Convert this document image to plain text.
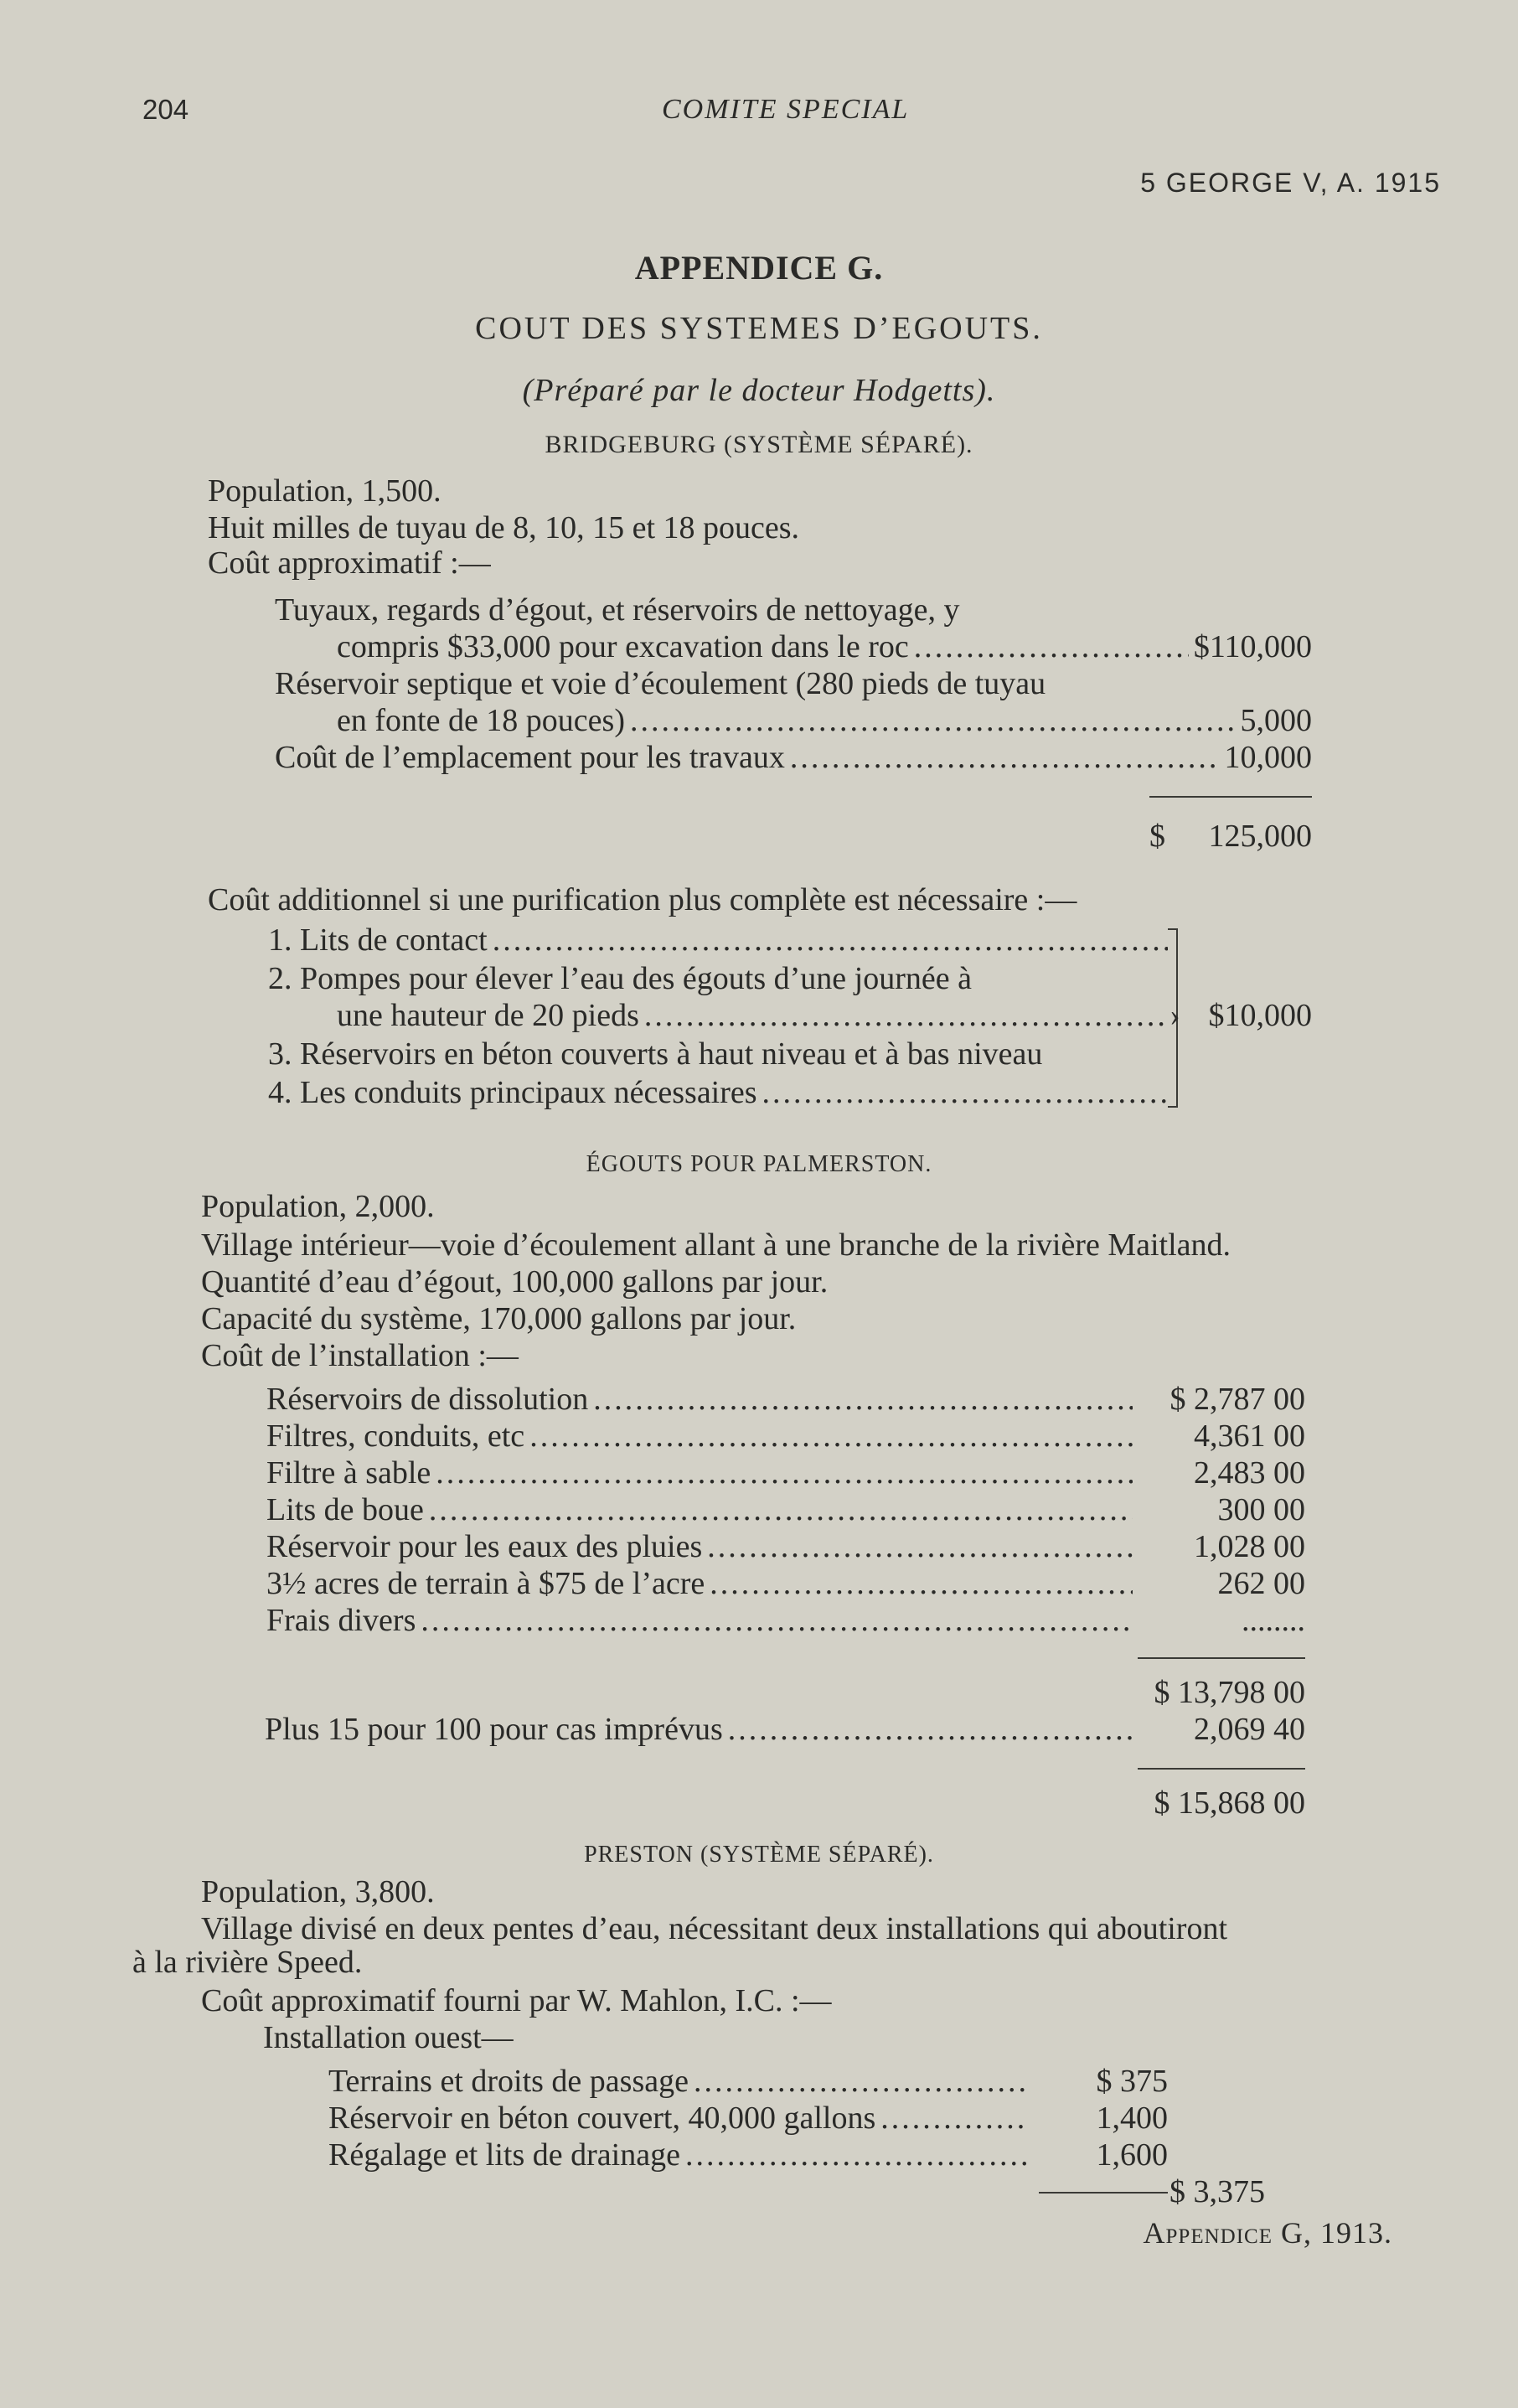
204	COMITE SPECIAL
5 GEORGE V, A. 1915
APPENDICE G.
COUT DES SYSTEMES D’EGOUTS.
(Préparé par le docteur Hodgetts).
BRIDGEBURG (SYSTÈME SÉPARÉ).
Population, 1,500.
Huit milles de tuyau de 8, 10, 15 et 18 pouces.
Coût approximatif :—
Tuyaux, regards d’égout, et réservoirs de nettoyage, y
compris $33,000 pour excavation dans le roc .....	$110,000
Réservoir septique et voie d’écoulement (280 pieds de tuyau
en fonte de 18 pouces) .....	5,000
Coût de l’emplacement pour les travaux .....	10,000
$ 125,000
Coût additionnel si une purification plus complète est nécessaire :—
1. Lits de contact
.....
2. Pompes pour élever l’eau des égouts d’une journée à
une hauteur de 20 pieds
.....
3. Réservoirs en béton couverts à haut niveau et à bas niveau
4. Les conduits principaux nécessaires
.....
› $10,000
ÉGOUTS POUR PALMERSTON.
Population, 2,000.
Village intérieur—voie d’écoulement allant à une branche de la rivière Maitland.
Quantité d’eau d’égout, 100,000 gallons par jour.
Capacité du système, 170,000 gallons par jour.
Coût de l’installation :—
Réservoirs de dissolution .....	$ 2,787 00
Filtres, conduits, etc .....	4,361 00
Filtre à sable .....	2,483 00
Lits de boue .....	300 00
Réservoir pour les eaux des pluies .....	1,028 00
3½ acres de terrain à $75 de l’acre .....	262 00
Frais divers .....	........
$ 13,798 00
Plus 15 pour 100 pour cas imprévus .....	2,069 40
$ 15,868 00
PRESTON (SYSTÈME SÉPARÉ).
Population, 3,800.
Village divisé en deux pentes d’eau, nécessitant deux installations qui aboutiront
à la rivière Speed.
Coût approximatif fourni par W. Mahlon, I.C. :—
Installation ouest—
Terrains et droits de passage .....	$ 375
Réservoir en béton couvert, 40,000 gallons .....	1,400
Régalage et lits de drainage .....	1,600
$ 3,375
Appendice G, 1913.
